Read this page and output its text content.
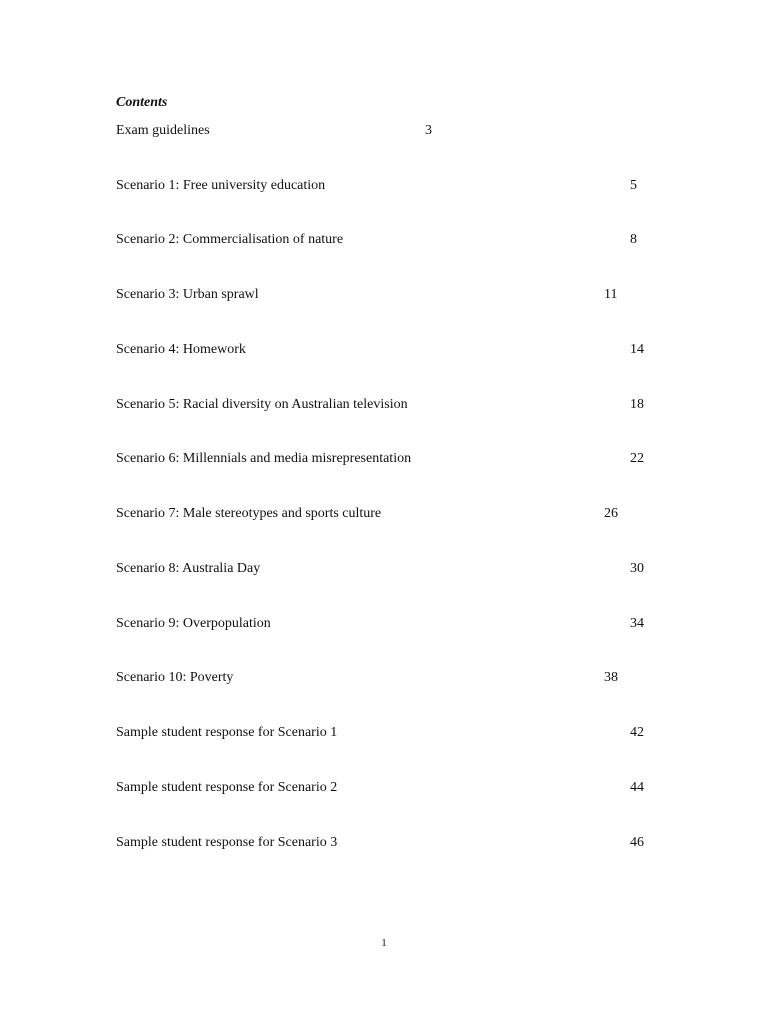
Contents
Exam guidelines	3
Scenario 1: Free university education	5
Scenario 2: Commercialisation of nature	8
Scenario 3: Urban sprawl	11
Scenario 4: Homework	14
Scenario 5: Racial diversity on Australian television	18
Scenario 6: Millennials and media misrepresentation	22
Scenario 7: Male stereotypes and sports culture	26
Scenario 8: Australia Day	30
Scenario 9: Overpopulation	34
Scenario 10: Poverty	38
Sample student response for Scenario 1	42
Sample student response for Scenario 2	44
Sample student response for Scenario 3	46
1
